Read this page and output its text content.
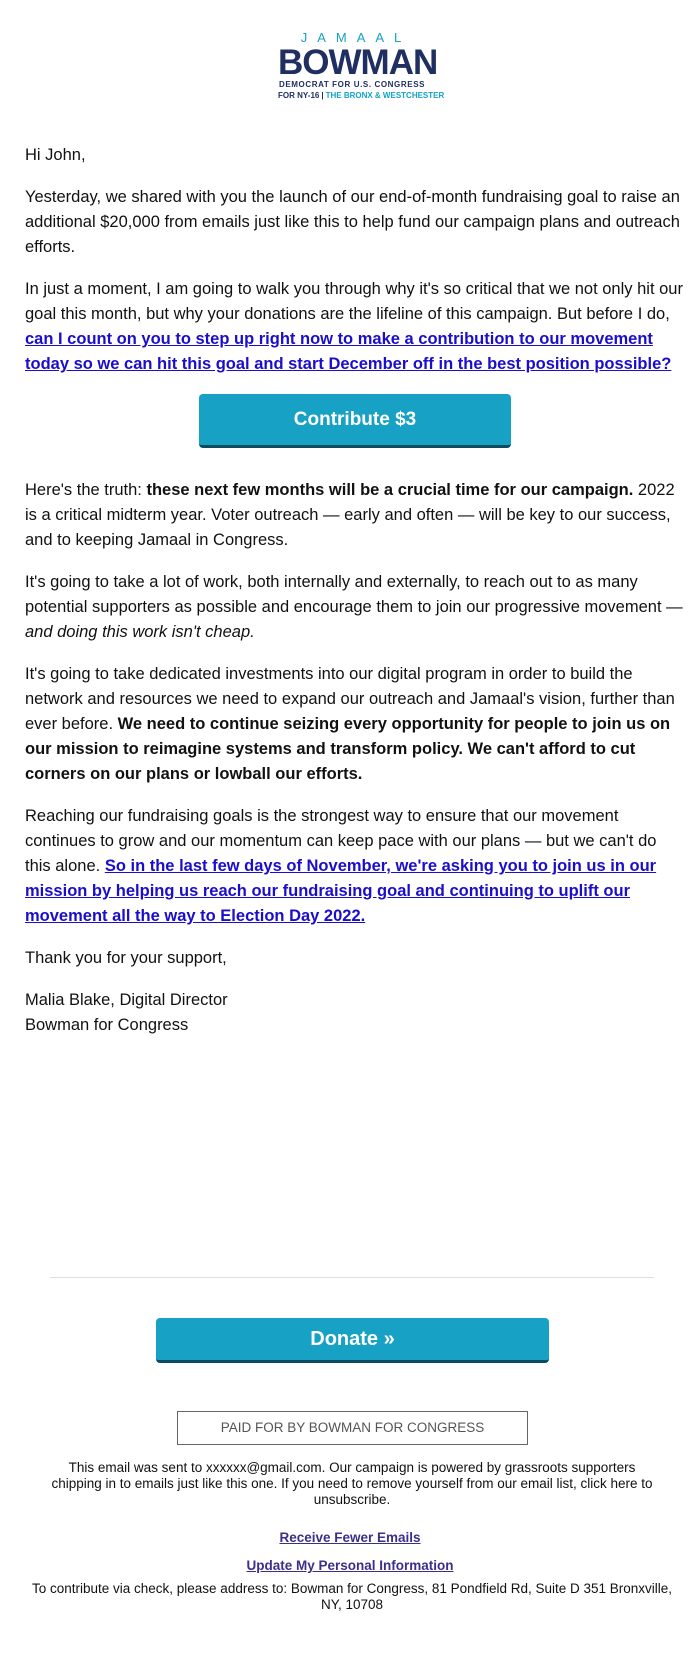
JAMAAL
BOWMAN
DEMOCRAT FOR U.S. CONGRESS
FOR NY-16 | THE BRONX & WESTCHESTER

Hi John,

Yesterday, we shared with you the launch of our end-of-month fundraising goal to raise an additional $20,000 from emails just like this to help fund our campaign plans and outreach efforts.

In just a moment, I am going to walk you through why it's so critical that we not only hit our goal this month, but why your donations are the lifeline of this campaign. But before I do, can I count on you to step up right now to make a contribution to our movement today so we can hit this goal and start December off in the best position possible?

Contribute $3

Here's the truth: these next few months will be a crucial time for our campaign. 2022 is a critical midterm year. Voter outreach — early and often — will be key to our success, and to keeping Jamaal in Congress.

It's going to take a lot of work, both internally and externally, to reach out to as many potential supporters as possible and encourage them to join our progressive movement — and doing this work isn't cheap.

It's going to take dedicated investments into our digital program in order to build the network and resources we need to expand our outreach and Jamaal's vision, further than ever before. We need to continue seizing every opportunity for people to join us on our mission to reimagine systems and transform policy. We can't afford to cut corners on our plans or lowball our efforts.

Reaching our fundraising goals is the strongest way to ensure that our movement continues to grow and our momentum can keep pace with our plans — but we can't do this alone. So in the last few days of November, we're asking you to join us in our mission by helping us reach our fundraising goal and continuing to uplift our movement all the way to Election Day 2022.

Thank you for your support,

Malia Blake, Digital Director
Bowman for Congress

Donate »
PAID FOR BY BOWMAN FOR CONGRESS
This email was sent to xxxxxx@gmail.com. Our campaign is powered by grassroots supporters chipping in to emails just like this one. If you need to remove yourself from our email list, click here to unsubscribe.
Receive Fewer Emails
Update My Personal Information
To contribute via check, please address to: Bowman for Congress, 81 Pondfield Rd, Suite D 351 Bronxville, NY, 10708
